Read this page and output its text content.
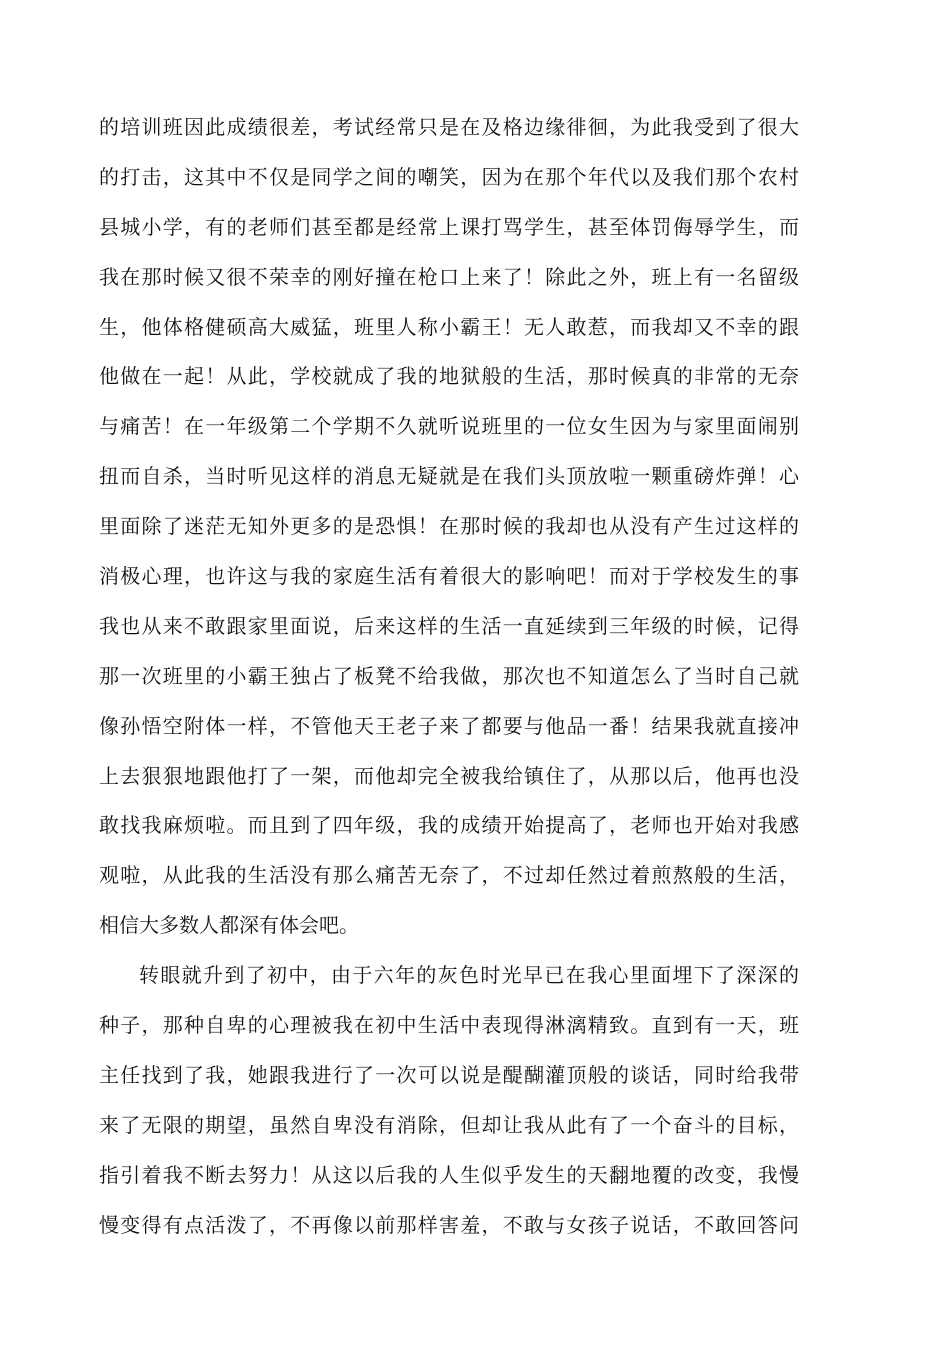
的培训班因此成绩很差，考试经常只是在及格边缘徘徊，为此我受到了很大
的打击，这其中不仅是同学之间的嘲笑，因为在那个年代以及我们那个农村
县城小学，有的老师们甚至都是经常上课打骂学生，甚至体罚侮辱学生，而
我在那时候又很不荣幸的刚好撞在枪口上来了！除此之外，班上有一名留级
生，他体格健硕高大威猛，班里人称小霸王！无人敢惹，而我却又不幸的跟
他做在一起！从此，学校就成了我的地狱般的生活，那时候真的非常的无奈
与痛苦！在一年级第二个学期不久就听说班里的一位女生因为与家里面闹别
扭而自杀，当时听见这样的消息无疑就是在我们头顶放啦一颗重磅炸弹！心
里面除了迷茫无知外更多的是恐惧！在那时候的我却也从没有产生过这样的
消极心理，也许这与我的家庭生活有着很大的影响吧！而对于学校发生的事
我也从来不敢跟家里面说，后来这样的生活一直延续到三年级的时候，记得
那一次班里的小霸王独占了板凳不给我做，那次也不知道怎么了当时自己就
像孙悟空附体一样，不管他天王老子来了都要与他品一番！结果我就直接冲
上去狠狠地跟他打了一架，而他却完全被我给镇住了，从那以后，他再也没
敢找我麻烦啦。而且到了四年级，我的成绩开始提高了，老师也开始对我感
观啦，从此我的生活没有那么痛苦无奈了，不过却任然过着煎熬般的生活，
相信大多数人都深有体会吧。
转眼就升到了初中，由于六年的灰色时光早已在我心里面埋下了深深的
种子，那种自卑的心理被我在初中生活中表现得淋漓精致。直到有一天，班
主任找到了我，她跟我进行了一次可以说是醍醐灌顶般的谈话，同时给我带
来了无限的期望，虽然自卑没有消除，但却让我从此有了一个奋斗的目标，
指引着我不断去努力！从这以后我的人生似乎发生的天翻地覆的改变，我慢
慢变得有点活泼了，不再像以前那样害羞，不敢与女孩子说话，不敢回答问
